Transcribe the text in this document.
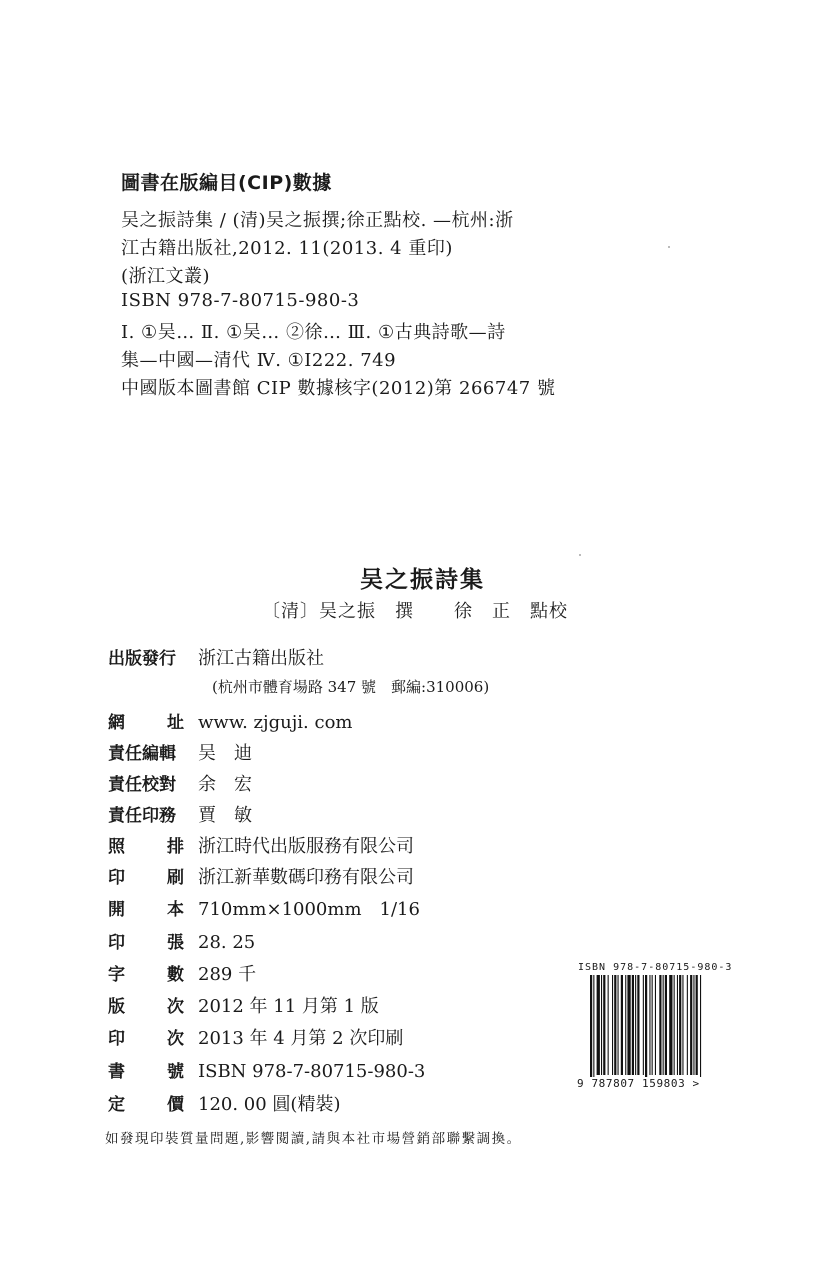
圖書在版編目(CIP)數據
吴之振詩集 / (清)吴之振撰;徐正點校. —杭州:浙
江古籍出版社,2012. 11(2013. 4 重印)
(浙江文叢)
ISBN 978-7-80715-980-3
Ⅰ. ①吴… Ⅱ. ①吴… ②徐… Ⅲ. ①古典詩歌—詩
集—中國—清代 Ⅳ. ①I222. 749
中國版本圖書館 CIP 數據核字(2012)第 266747 號
吴之振詩集
〔清〕吴之振　撰 徐　正　點校
出版發行 浙江古籍出版社
(杭州市體育場路 347 號　郵編:310006)
網 址 www. zjguji. com
責任編輯 吴　迪
責任校對 余　宏
責任印務 賈　敏
照 排 浙江時代出版服務有限公司
印 刷 浙江新華數碼印務有限公司
開 本 710mm×1000mm　1/16
印 張 28. 25
字 數 289 千
版 次 2012 年 11 月第 1 版
印 次 2013 年 4 月第 2 次印刷
書 號 ISBN 978-7-80715-980-3
定 價 120. 00 圓(精裝)
如發現印裝質量問題,影響閱讀,請與本社市場營銷部聯繫調換。
ISBN 978-7-80715-980-3
9 787807 159803 >
